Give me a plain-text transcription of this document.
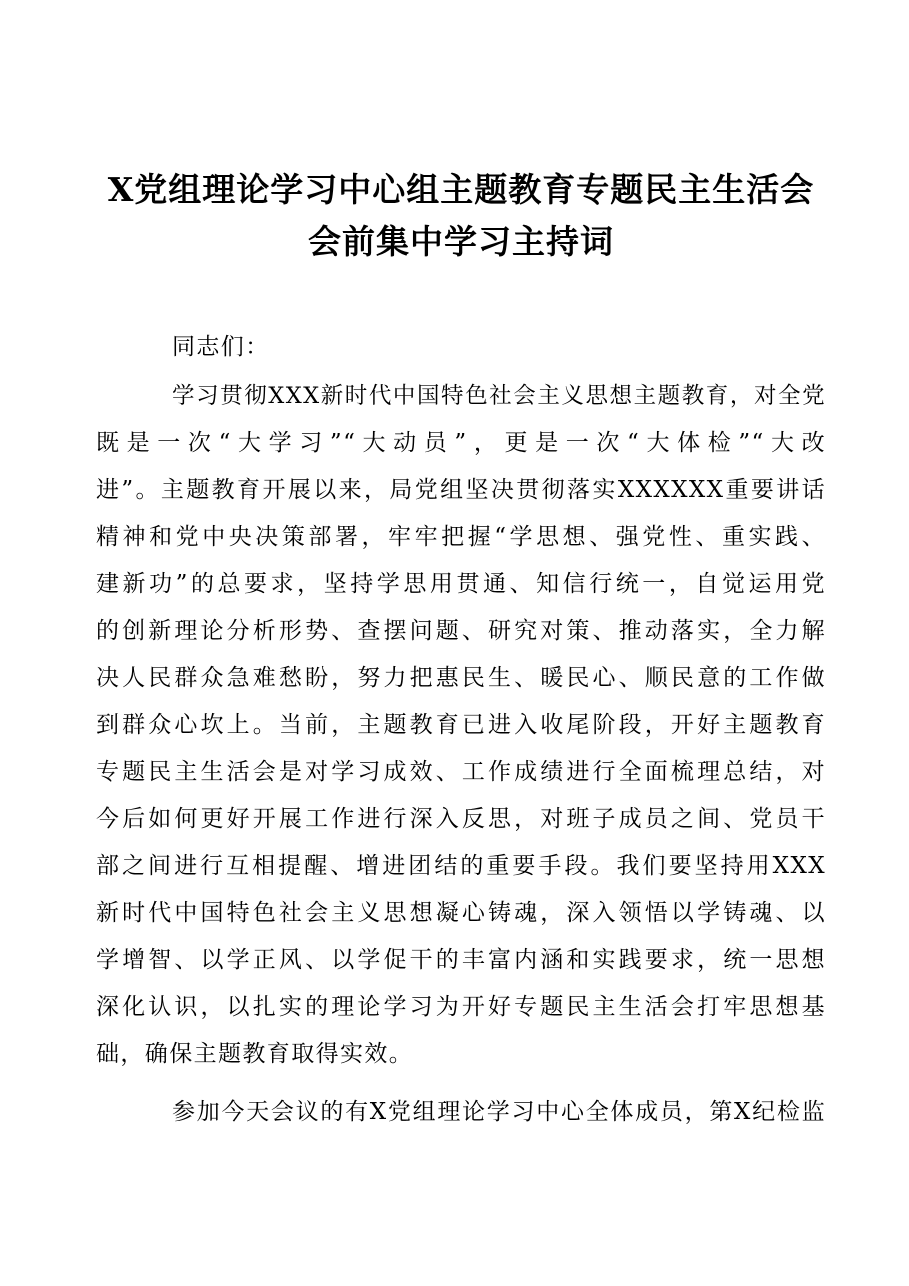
X党组理论学习中心组主题教育专题民主生活会
会前集中学习主持词
同志们：
学习贯彻XXX新时代中国特色社会主义思想主题教育，对全党
既是一次“大学习”“大动员”，更是一次“大体检”“大改
进”。主题教育开展以来，局党组坚决贯彻落实XXXXXX重要讲话
精神和党中央决策部署，牢牢把握“学思想、强党性、重实践、
建新功”的总要求，坚持学思用贯通、知信行统一，自觉运用党
的创新理论分析形势、查摆问题、研究对策、推动落实，全力解
决人民群众急难愁盼，努力把惠民生、暖民心、顺民意的工作做
到群众心坎上。当前，主题教育已进入收尾阶段，开好主题教育
专题民主生活会是对学习成效、工作成绩进行全面梳理总结，对
今后如何更好开展工作进行深入反思，对班子成员之间、党员干
部之间进行互相提醒、增进团结的重要手段。我们要坚持用XXX
新时代中国特色社会主义思想凝心铸魂，深入领悟以学铸魂、以
学增智、以学正风、以学促干的丰富内涵和实践要求，统一思想
深化认识，以扎实的理论学习为开好专题民主生活会打牢思想基
础，确保主题教育取得实效。
参加今天会议的有X党组理论学习中心全体成员，第X纪检监
